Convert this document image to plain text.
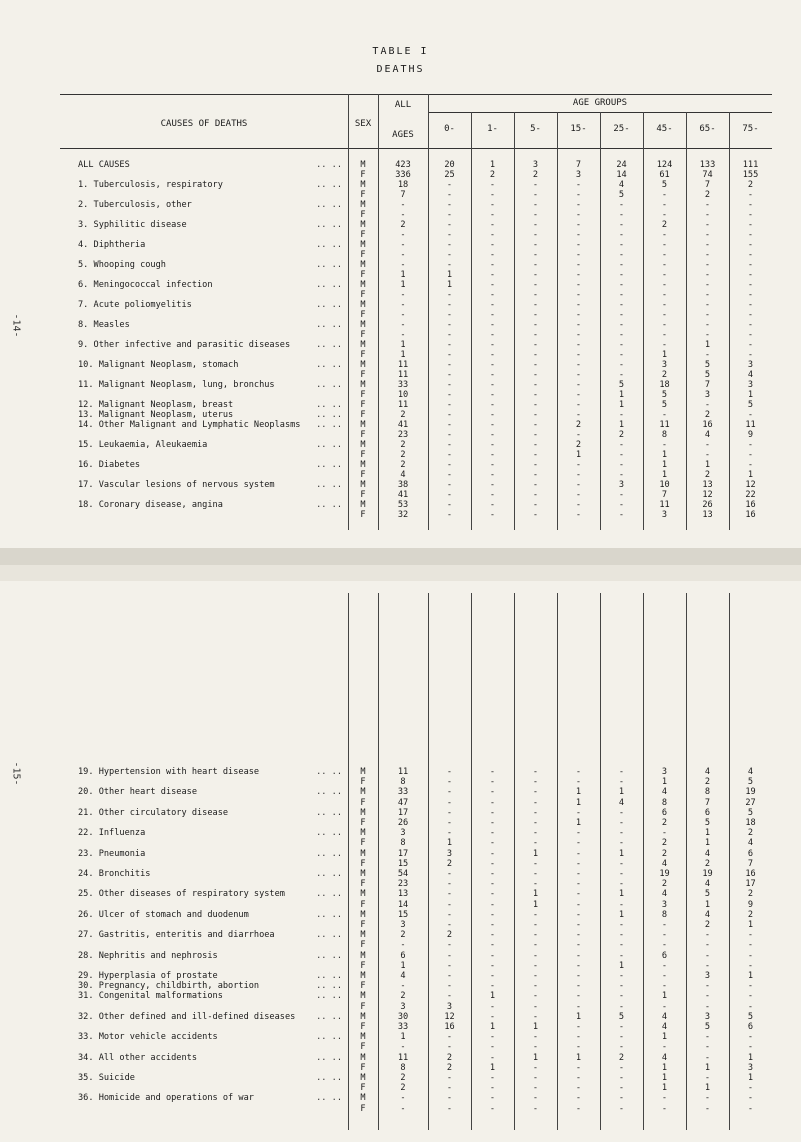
TABLE I
DEATHS
-14-
-15-
CAUSES OF DEATHS	SEX
ALL
AGES
AGE GROUPS
0-	1-	5-	15-	25-	45-	65-	75-
ALL CAUSES	.. ..	M	423	20	1	3	7	24	124	133	111
F	336	25	2	2	3	14	61	74	155
1. Tuberculosis, respiratory	.. ..	M	18	-	-	-	-	4	5	7	2
F	7	-	-	-	-	5	-	2	-
2. Tuberculosis, other	.. ..	M	-	-	-	-	-	-	-	-	-
F	-	-	-	-	-	-	-	-	-
3. Syphilitic disease	.. ..	M	2	-	-	-	-	-	2	-	-
F	-	-	-	-	-	-	-	-	-
4. Diphtheria	.. ..	M	-	-	-	-	-	-	-	-	-
F	-	-	-	-	-	-	-	-	-
5. Whooping cough	.. ..	M	-	-	-	-	-	-	-	-	-
F	1	1	-	-	-	-	-	-	-
6. Meningococcal infection	.. ..	M	1	1	-	-	-	-	-	-	-
F	-	-	-	-	-	-	-	-	-
7. Acute poliomyelitis	.. ..	M	-	-	-	-	-	-	-	-	-
F	-	-	-	-	-	-	-	-	-
8. Measles	.. ..	M	-	-	-	-	-	-	-	-	-
F	-	-	-	-	-	-	-	-	-
9. Other infective and parasitic diseases	.. ..	M	1	-	-	-	-	-	-	1	-
F	1	-	-	-	-	-	1	-	-
10. Malignant Neoplasm, stomach	.. ..	M	11	-	-	-	-	-	3	5	3
F	11	-	-	-	-	-	2	5	4
11. Malignant Neoplasm, lung, bronchus	.. ..	M	33	-	-	-	-	5	18	7	3
F	10	-	-	-	-	1	5	3	1
12. Malignant Neoplasm, breast	.. ..	F	11	-	-	-	-	1	5	-	5
13. Malignant Neoplasm, uterus	.. ..	F	2	-	-	-	-	-	-	2	-
14. Other Malignant and Lymphatic Neoplasms	.. ..	M	41	-	-	-	2	1	11	16	11
F	23	-	-	-	-	2	8	4	9
15. Leukaemia, Aleukaemia	.. ..	M	2	-	-	-	2	-	-	-	-
F	2	-	-	-	1	-	1	-	-
16. Diabetes	.. ..	M	2	-	-	-	-	-	1	1	-
F	4	-	-	-	-	-	1	2	1
17. Vascular lesions of nervous system	.. ..	M	38	-	-	-	-	3	10	13	12
F	41	-	-	-	-	-	7	12	22
18. Coronary disease, angina	.. ..	M	53	-	-	-	-	-	11	26	16
F	32	-	-	-	-	-	3	13	16
19. Hypertension with heart disease	.. ..	M	11	-	-	-	-	-	3	4	4
F	8	-	-	-	-	-	1	2	5
20. Other heart disease	.. ..	M	33	-	-	-	1	1	4	8	19
F	47	-	-	-	1	4	8	7	27
21. Other circulatory disease	.. ..	M	17	-	-	-	-	-	6	6	5
F	26	-	-	-	1	-	2	5	18
22. Influenza	.. ..	M	3	-	-	-	-	-	-	1	2
F	8	1	-	-	-	-	2	1	4
23. Pneumonia	.. ..	M	17	3	-	1	-	1	2	4	6
F	15	2	-	-	-	-	4	2	7
24. Bronchitis	.. ..	M	54	-	-	-	-	-	19	19	16
F	23	-	-	-	-	-	2	4	17
25. Other diseases of respiratory system	.. ..	M	13	-	-	1	-	1	4	5	2
F	14	-	-	1	-	-	3	1	9
26. Ulcer of stomach and duodenum	.. ..	M	15	-	-	-	-	1	8	4	2
F	3	-	-	-	-	-	-	2	1
27. Gastritis, enteritis and diarrhoea	.. ..	M	2	2	-	-	-	-	-	-	-
F	-	-	-	-	-	-	-	-	-
28. Nephritis and nephrosis	.. ..	M	6	-	-	-	-	-	6	-	-
F	1	-	-	-	-	1	-	-	-
29. Hyperplasia of prostate	.. ..	M	4	-	-	-	-	-	-	3	1
30. Pregnancy, childbirth, abortion	.. ..	F	-	-	-	-	-	-	-	-	-
31. Congenital malformations	.. ..	M	2	-	1	-	-	-	1	-	-
F	3	3	-	-	-	-	-	-	-
32. Other defined and ill-defined diseases	.. ..	M	30	12	-	-	1	5	4	3	5
F	33	16	1	1	-	-	4	5	6
33. Motor vehicle accidents	.. ..	M	1	-	-	-	-	-	1	-	-
F	-	-	-	-	-	-	-	-	-
34. All other accidents	.. ..	M	11	2	-	1	1	2	4	-	1
F	8	2	1	-	-	-	1	1	3
35. Suicide	.. ..	M	2	-	-	-	-	-	1	-	1
F	2	-	-	-	-	-	1	1	-
36. Homicide and operations of war	.. ..	M	-	-	-	-	-	-	-	-	-
F	-	-	-	-	-	-	-	-	-
